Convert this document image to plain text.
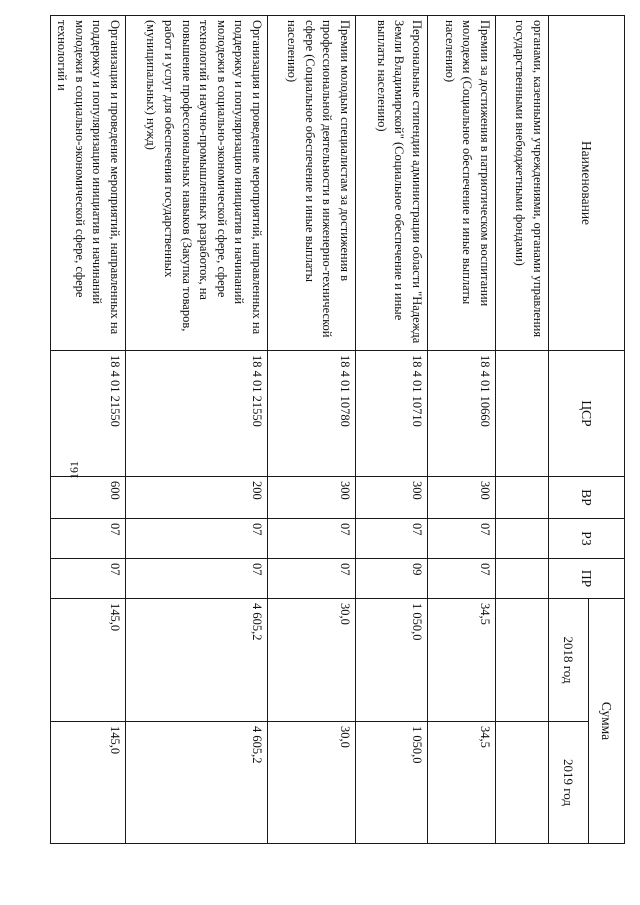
161
Наименование	ЦСР	ВР	РЗ	ПР	Сумма	
					2018 год	2019 год
органами, казенными учреждениями, органами управления государственными внебюджетными фондами)						
Премии за достижения в патриотическом воспитании молодежи (Социальное обеспечение и иные выплаты населению)	18 4 01 10660	300	07	07	34,5	34,5
Персональные стипендии администрации области "Надежда Земли Владимирской" (Социальное обеспечение и иные выплаты населению)	18 4 01 10710	300	07	09	1 050,0	1 050,0
Премии молодым специалистам за достижения в профессиональной деятельности в инженерно-технической сфере (Социальное обеспечение и иные выплаты населению)	18 4 01 10780	300	07	07	30,0	30,0
Организация и проведение мероприятий, направленных на поддержку и популяризацию инициатив и начинаний молодежи в социально-экономической сфере, сфере технологий и научно-промышленных разработок, на повышение профессиональных навыков (Закупка товаров, работ и услуг для обеспечения государственных (муниципальных) нужд)	18 4 01 21550	200	07	07	4 605,2	4 605,2
Организация и проведение мероприятий, направленных на поддержку и популяризацию инициатив и начинаний молодежи в социально-экономической сфере, сфере технологий и	18 4 01 21550	600	07	07	145,0	145,0
